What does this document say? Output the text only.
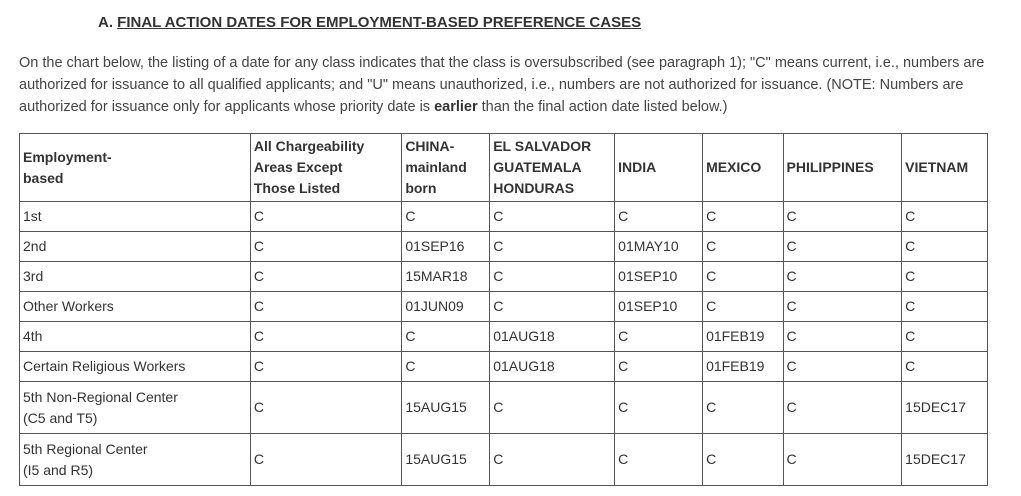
A. FINAL ACTION DATES FOR EMPLOYMENT-BASED PREFERENCE CASES
On the chart below, the listing of a date for any class indicates that the class is oversubscribed (see paragraph 1); "C" means current, i.e., numbers are authorized for issuance to all qualified applicants; and "U" means unauthorized, i.e., numbers are not authorized for issuance. (NOTE: Numbers are authorized for issuance only for applicants whose priority date is earlier than the final action date listed below.)
Employment-
based	All Chargeability
Areas Except
Those Listed	CHINA-
mainland
born	EL SALVADOR
GUATEMALA
HONDURAS	INDIA	MEXICO	PHILIPPINES	VIETNAM
1st	C	C	C	C	C	C	C
2nd	C	01SEP16	C	01MAY10	C	C	C
3rd	C	15MAR18	C	01SEP10	C	C	C
Other Workers	C	01JUN09	C	01SEP10	C	C	C
4th	C	C	01AUG18	C	01FEB19	C	C
Certain Religious Workers	C	C	01AUG18	C	01FEB19	C	C
5th Non-Regional Center
(C5 and T5)	C	15AUG15	C	C	C	C	15DEC17
5th Regional Center
(I5 and R5)	C	15AUG15	C	C	C	C	15DEC17
